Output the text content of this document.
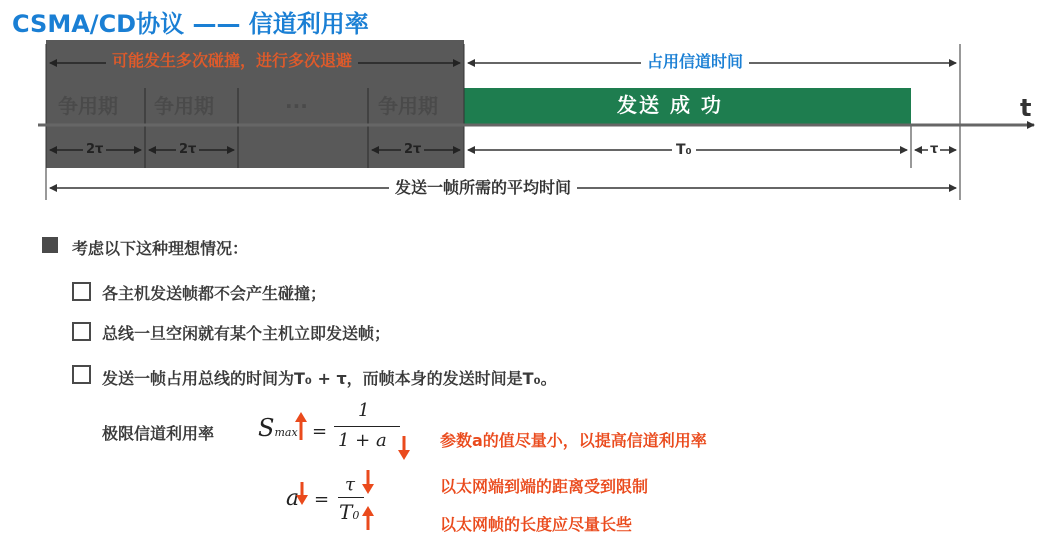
CSMA/CD协议 —— 信道利用率
可能发生多次碰撞，进行多次退避	占用信道时间
争用期 争用期	···	争用期	发送 成 功	t
2τ	2τ	2τ	T₀	τ
发送一帧所需的平均时间
考虑以下这种理想情况：
各主机发送帧都不会产生碰撞；
总线一旦空闲就有某个主机立即发送帧；
发送一帧占用总线的时间为T₀ + τ，而帧本身的发送时间是T₀。
极限信道利用率 Smax =
1
1 + a
a =
τ
T0
参数a的值尽量小，以提高信道利用率
以太网端到端的距离受到限制
以太网帧的长度应尽量长些
